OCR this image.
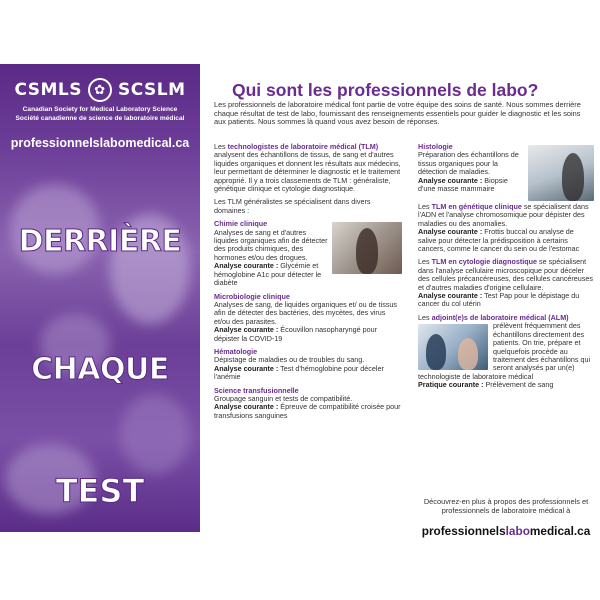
CSMLS ✿ SCSLM
Canadian Society for Medical Laboratory Science
Société canadienne de science de laboratoire médical
professionnelslabomedical.ca
DERRIÈRE
CHAQUE
TEST
Qui sont les professionnels de labo?
Les professionnels de laboratoire médical font partie de votre équipe des soins de santé. Nous sommes derrière chaque résultat de test de labo, fournissant des renseignements essentiels pour guider le diagnostic et les soins aux patients. Nous sommes là quand vous avez besoin de réponses.
Les technologistes de laboratoire médical (TLM) analysent des échantillons de tissus, de sang et d'autres liquides organiques et donnent les résultats aux médecins, leur permettant de déterminer le diagnostic et le traitement approprié. Il y a trois classements de TLM : généraliste, génétique clinique et cytologie diagnostique.
Les TLM généralistes se spécialisent dans divers domaines :
Chimie clinique
Analyses de sang et d'autres liquides organiques afin de détecter des produits chimiques, des hormones et/ou des drogues.
Analyse courante : Glycémie et hémoglobine A1c pour détecter le diabète
Microbiologie clinique
Analyses de sang, de liquides organiques et/ ou de tissus afin de détecter des bactéries, des mycètes, des virus et/ou des parasites.
Analyse courante : Écouvillon nasopharyngé pour dépister la COVID-19
Hématologie
Dépistage de maladies ou de troubles du sang.
Analyse courante : Test d'hémoglobine pour déceler l'anémie
Science transfusionnelle
Groupage sanguin et tests de compatibilité.
Analyse courante : Épreuve de compatibilité croisée pour transfusions sanguines
Histologie
Préparation des échantillons de tissus organiques pour la détection de maladies.
Analyse courante : Biopsie d'une masse mammaire
Les TLM en génétique clinique se spécialisent dans l'ADN et l'analyse chromosomique pour dépister des maladies ou des anomalies.
Analyse courante : Frottis buccal ou analyse de salive pour détecter la prédisposition à certains cancers, comme le cancer du sein ou de l'estomac
Les TLM en cytologie diagnostique se spécialisent dans l'analyse cellulaire microscopique pour déceler des cellules précancéreuses, des cellules cancéreuses et d'autres maladies d'origine cellulaire.
Analyse courante : Test Pap pour le dépistage du cancer du col utérin
Les adjoint(e)s de laboratoire médical (ALM)
prélèvent fréquemment des échantillons directement des patients. On trie, prépare et quelquefois procède au traitement des échantillons qui seront analysés par un(e) technologiste de laboratoire médical
Pratique courante : Prélèvement de sang
Découvrez-en plus à propos des professionnels et professionnels de laboratoire médical à
professionnelslabomedical.ca
